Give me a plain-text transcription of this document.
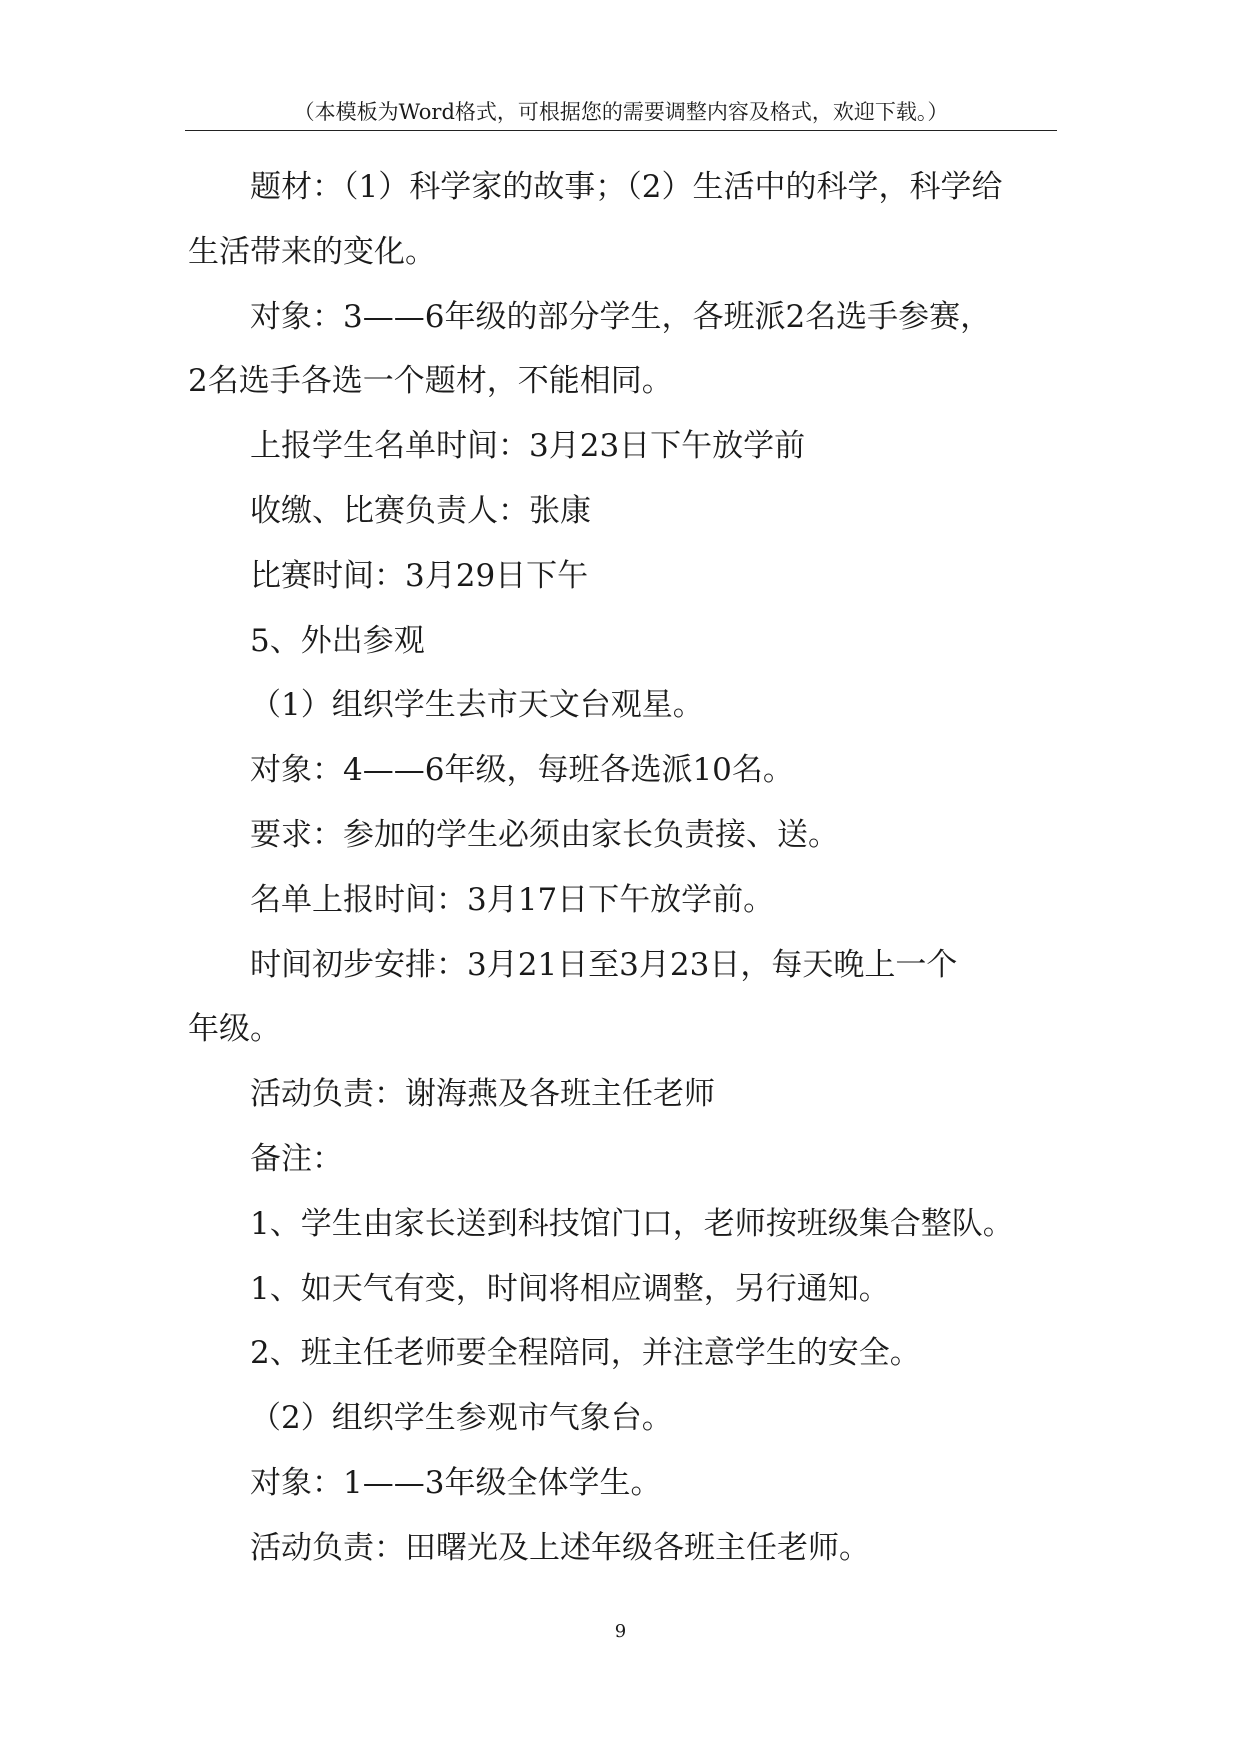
（本模板为Word格式，可根据您的需要调整内容及格式，欢迎下载。）

题材：（1）科学家的故事；（2）生活中的科学，科学给

生活带来的变化。

对象：3——6年级的部分学生，各班派2名选手参赛，

2名选手各选一个题材，不能相同。

上报学生名单时间：3月23日下午放学前

收缴、比赛负责人：张康

比赛时间：3月29日下午

5、外出参观

（1）组织学生去市天文台观星。

对象：4——6年级，每班各选派10名。

要求：参加的学生必须由家长负责接、送。

名单上报时间：3月17日下午放学前。

时间初步安排：3月21日至3月23日，每天晚上一个

年级。

活动负责：谢海燕及各班主任老师

备注：

1、学生由家长送到科技馆门口，老师按班级集合整队。

1、如天气有变，时间将相应调整，另行通知。

2、班主任老师要全程陪同，并注意学生的安全。

（2）组织学生参观市气象台。

对象：1——3年级全体学生。

活动负责：田曙光及上述年级各班主任老师。

9
